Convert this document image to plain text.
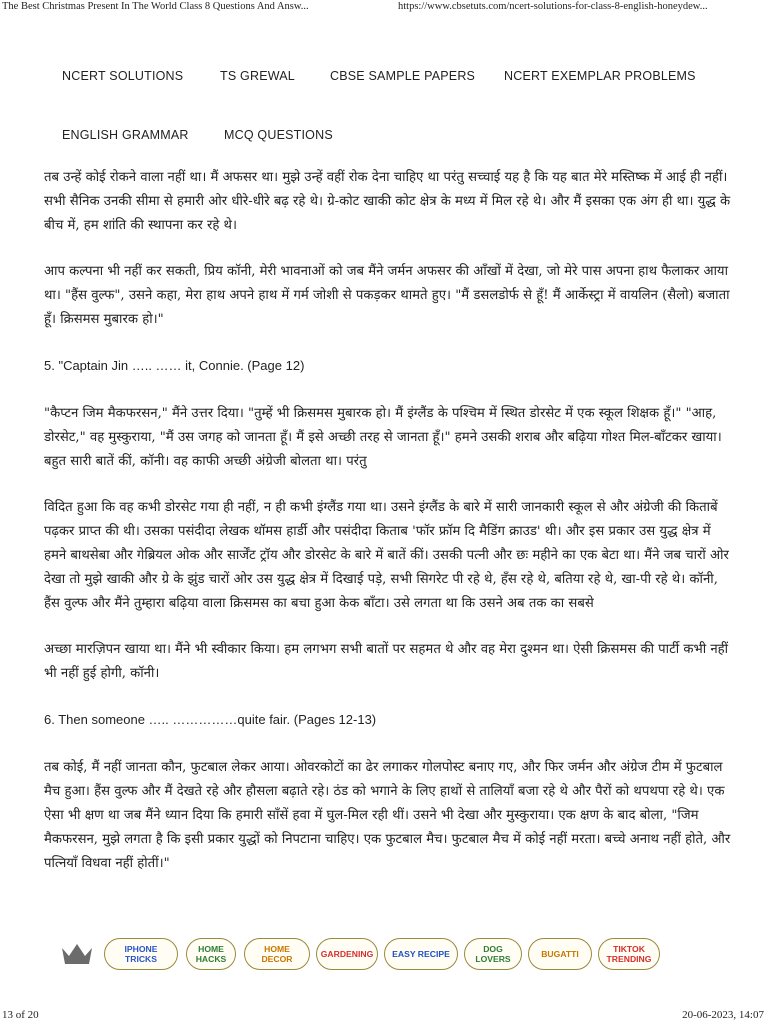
The Best Christmas Present In The World Class 8 Questions And Answ...	https://www.cbsetuts.com/ncert-solutions-for-class-8-english-honeydew...
NCERT SOLUTIONS	TS GREWAL	CBSE SAMPLE PAPERS NCERT EXEMPLAR PROBLEMS
ENGLISH GRAMMAR	MCQ QUESTIONS

तब उन्हें कोई रोकने वाला नहीं था। मैं अफसर था। मुझे उन्हें वहीं रोक देना चाहिए था परंतु सच्चाई यह है कि यह बात मेरे मस्तिष्क में आई ही नहीं। सभी सैनिक उनकी सीमा से हमारी ओर धीरे-धीरे बढ़ रहे थे। ग्रे-कोट खाकी कोट क्षेत्र के मध्य में मिल रहे थे। और मैं इसका एक अंग ही था। युद्ध के बीच में, हम शांति की स्थापना कर रहे थे।

आप कल्पना भी नहीं कर सकती, प्रिय कॉनी, मेरी भावनाओं को जब मैंने जर्मन अफसर की आँखों में देखा, जो मेरे पास अपना हाथ फैलाकर आया था। "हैंस वुल्फ", उसने कहा, मेरा हाथ अपने हाथ में गर्म जोशी से पकड़कर थामते हुए। "मैं डसलडोर्फ से हूँ! मैं आर्केस्ट्रा में वायलिन (सैलो) बजाता हूँ। क्रिसमस मुबारक हो।"

5. "Captain Jin ….. …… it, Connie. (Page 12)

"कैप्टन जिम मैकफरसन," मैंने उत्तर दिया। "तुम्हें भी क्रिसमस मुबारक हो। मैं इंग्लैंड के पश्चिम में स्थित डोरसेट में एक स्कूल शिक्षक हूँ।" "आह, डोरसेट," वह मुस्कुराया, "मैं उस जगह को जानता हूँ। मैं इसे अच्छी तरह से जानता हूँ।" हमने उसकी शराब और बढ़िया गोश्त मिल-बाँटकर खाया। बहुत सारी बातें कीं, कॉनी। वह काफी अच्छी अंग्रेजी बोलता था। परंतु

विदित हुआ कि वह कभी डोरसेट गया ही नहीं, न ही कभी इंग्लैंड गया था। उसने इंग्लैंड के बारे में सारी जानकारी स्कूल से और अंग्रेजी की किताबें पढ़कर प्राप्त की थी। उसका पसंदीदा लेखक थॉमस हार्डी और पसंदीदा किताब 'फॉर फ्रॉम दि मैडिंग क्राउड' थी। और इस प्रकार उस युद्ध क्षेत्र में हमने बाथसेबा और गेब्रियल ओक और सार्जेंट ट्रॉय और डोरसेट के बारे में बातें कीं। उसकी पत्नी और छः महीने का एक बेटा था। मैंने जब चारों ओर देखा तो मुझे खाकी और ग्रे के झुंड चारों ओर उस युद्ध क्षेत्र में दिखाई पड़े, सभी सिगरेट पी रहे थे, हँस रहे थे, बतिया रहे थे, खा-पी रहे थे। कॉनी, हैंस वुल्फ और मैंने तुम्हारा बढ़िया वाला क्रिसमस का बचा हुआ केक बाँटा। उसे लगता था कि उसने अब तक का सबसे

अच्छा मारज़िपन खाया था। मैंने भी स्वीकार किया। हम लगभग सभी बातों पर सहमत थे और वह मेरा दुश्मन था। ऐसी क्रिसमस की पार्टी कभी नहीं भी नहीं हुई होगी, कॉनी।

6. Then someone ….. ……………quite fair. (Pages 12-13)

तब कोई, मैं नहीं जानता कौन, फुटबाल लेकर आया। ओवरकोटों का ढेर लगाकर गोलपोस्ट बनाए गए, और फिर जर्मन और अंग्रेज टीम में फुटबाल मैच हुआ। हैंस वुल्फ और मैं देखते रहे और हौसला बढ़ाते रहे। ठंड को भगाने के लिए हाथों से तालियाँ बजा रहे थे और पैरों को थपथपा रहे थे। एक ऐसा भी क्षण था जब मैंने ध्यान दिया कि हमारी साँसें हवा में घुल-मिल रही थीं। उसने भी देखा और मुस्कुराया। एक क्षण के बाद बोला, "जिम मैकफरसन, मुझे लगता है कि इसी प्रकार युद्धों को निपटाना चाहिए। एक फुटबाल मैच। फुटबाल मैच में कोई नहीं मरता। बच्चे अनाथ नहीं होते, और पत्नियाँ विधवा नहीं होतीं।"

IPHONE TRICKS
HOME HACKS
HOME DECOR	GARDENING EASY RECIPE	DOG LOVERS	BUGATTI	TIKTOK TRENDING
13 of 20	20-06-2023, 14:07
